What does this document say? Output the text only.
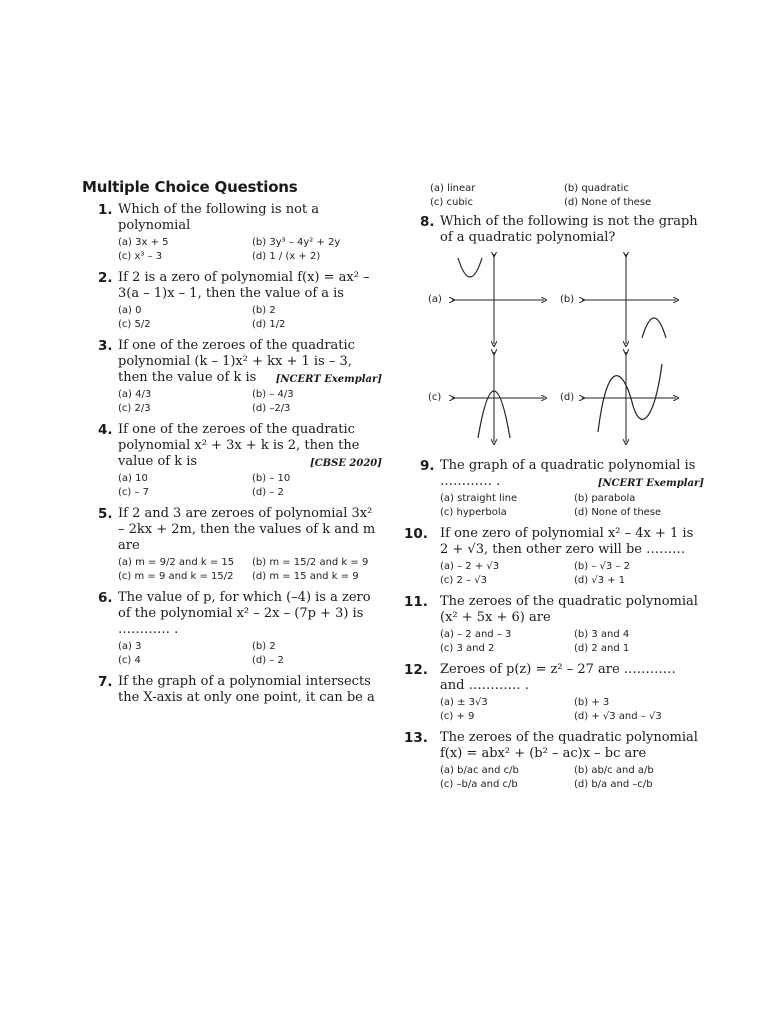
Multiple Choice Questions
1. Which of the following is not a polynomial
(a) 3x + 5	(b) 3y³ – 4y² + 2y
(c) x³ – 3	(d) 1 / (x + 2)
2. If 2 is a zero of polynomial f(x) = ax² – 3(a – 1)x – 1, then the value of a is
(a) 0	(b) 2
(c) 5/2	(d) 1/2
3. If one of the zeroes of the quadratic polynomial (k – 1)x² + kx + 1 is – 3, then the value of k is [NCERT Exemplar]
(a) 4/3	(b) – 4/3
(c) 2/3	(d) –2/3
4. If one of the zeroes of the quadratic polynomial x² + 3x + k is 2, then the value of k is	[CBSE 2020]
(a) 10	(b) – 10
(c) – 7	(d) – 2
5. If 2 and 3 are zeroes of polynomial 3x² – 2kx + 2m, then the values of k and m are
(a) m = 9/2 and k = 15	(b) m = 15/2 and k = 9
(c) m = 9 and k = 15/2	(d) m = 15 and k = 9
6. The value of p, for which (–4) is a zero of the polynomial x² – 2x – (7p + 3) is ………… .
(a) 3	(b) 2
(c) 4	(d) – 2
7. If the graph of a polynomial intersects the X-axis at only one point, it can be a
(a) linear	(b) quadratic
(c) cubic	(d) None of these
8. Which of the following is not the graph of a quadratic polynomial?
(a)	(b)
(c)	(d)
9. The graph of a quadratic polynomial is ………… .	[NCERT Exemplar]
(a) straight line	(b) parabola
(c) hyperbola	(d) None of these
10. If one zero of polynomial x² – 4x + 1 is 2 + √3, then other zero will be ………
(a) – 2 + √3	(b) – √3 – 2
(c) 2 – √3	(d) √3 + 1
11. The zeroes of the quadratic polynomial (x² + 5x + 6) are
(a) – 2 and – 3	(b) 3 and 4
(c) 3 and 2	(d) 2 and 1
12. Zeroes of p(z) = z² – 27 are ………… and ………… .
(a) ± 3√3	(b) + 3
(c) + 9	(d) + √3 and – √3
13. The zeroes of the quadratic polynomial f(x) = abx² + (b² – ac)x – bc are
(a) b/ac and c/b	(b) ab/c and a/b
(c) –b/a and c/b	(d) b/a and –c/b
